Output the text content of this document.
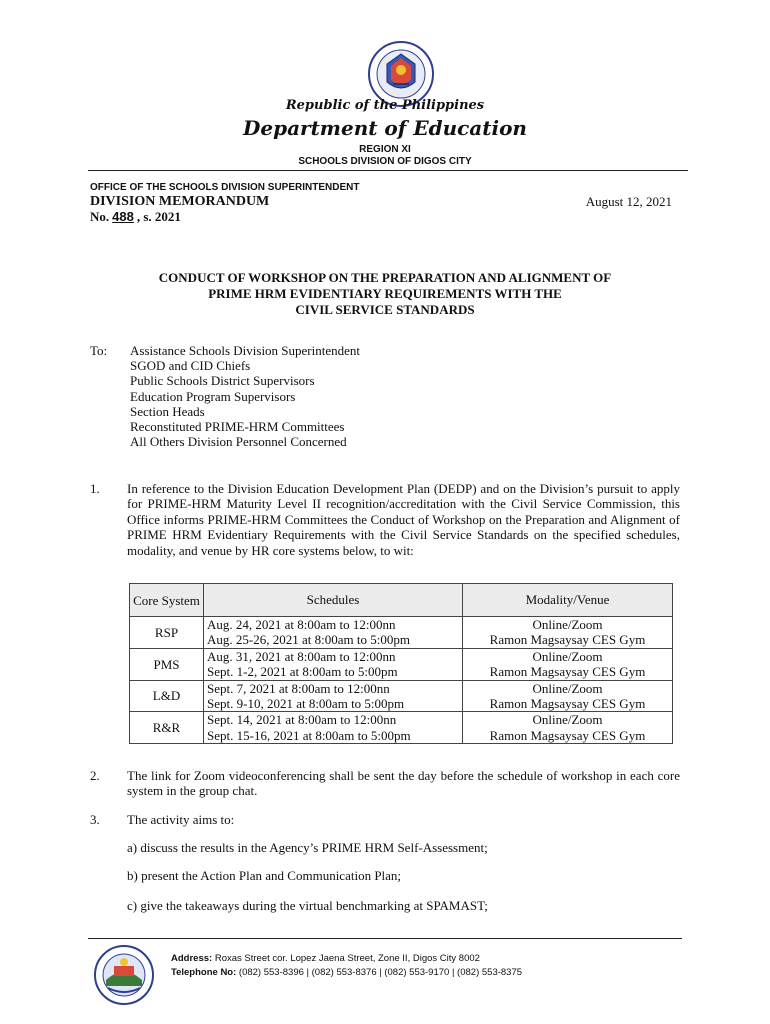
Republic of the Philippines
Department of Education
REGION XI
SCHOOLS DIVISION OF DIGOS CITY
OFFICE OF THE SCHOOLS DIVISION SUPERINTENDENT
DIVISION MEMORANDUM
No. 488 , s. 2021
August 12, 2021
CONDUCT OF WORKSHOP ON THE PREPARATION AND ALIGNMENT OF
PRIME HRM EVIDENTIARY REQUIREMENTS WITH THE
CIVIL SERVICE STANDARDS
To: Assistance Schools Division Superintendent
SGOD and CID Chiefs
Public Schools District Supervisors
Education Program Supervisors
Section Heads
Reconstituted PRIME-HRM Committees
All Others Division Personnel Concerned
1. In reference to the Division Education Development Plan (DEDP) and on the Division’s pursuit to apply for PRIME-HRM Maturity Level II recognition/accreditation with the Civil Service Commission, this Office informs PRIME-HRM Committees the Conduct of Workshop on the Preparation and Alignment of PRIME HRM Evidentiary Requirements with the Civil Service Standards on the specified schedules, modality, and venue by HR core systems below, to wit:
Core System	Schedules	Modality/Venue
RSP	Aug. 24, 2021 at 8:00am to 12:00nn	Online/Zoom
	Aug. 25-26, 2021 at 8:00am to 5:00pm	Ramon Magsaysay CES Gym
PMS	Aug. 31, 2021 at 8:00am to 12:00nn	Online/Zoom
	Sept. 1-2, 2021 at 8:00am to 5:00pm	Ramon Magsaysay CES Gym
L&D	Sept. 7, 2021 at 8:00am to 12:00nn	Online/Zoom
	Sept. 9-10, 2021 at 8:00am to 5:00pm	Ramon Magsaysay CES Gym
R&R	Sept. 14, 2021 at 8:00am to 12:00nn	Online/Zoom
	Sept. 15-16, 2021 at 8:00am to 5:00pm	Ramon Magsaysay CES Gym
2. The link for Zoom videoconferencing shall be sent the day before the schedule of workshop in each core system in the group chat.
3. The activity aims to:
a) discuss the results in the Agency’s PRIME HRM Self-Assessment;
b) present the Action Plan and Communication Plan;
c) give the takeaways during the virtual benchmarking at SPAMAST;
Address: Roxas Street cor. Lopez Jaena Street, Zone II, Digos City 8002
Telephone No: (082) 553-8396 | (082) 553-8376 | (082) 553-9170 | (082) 553-8375
